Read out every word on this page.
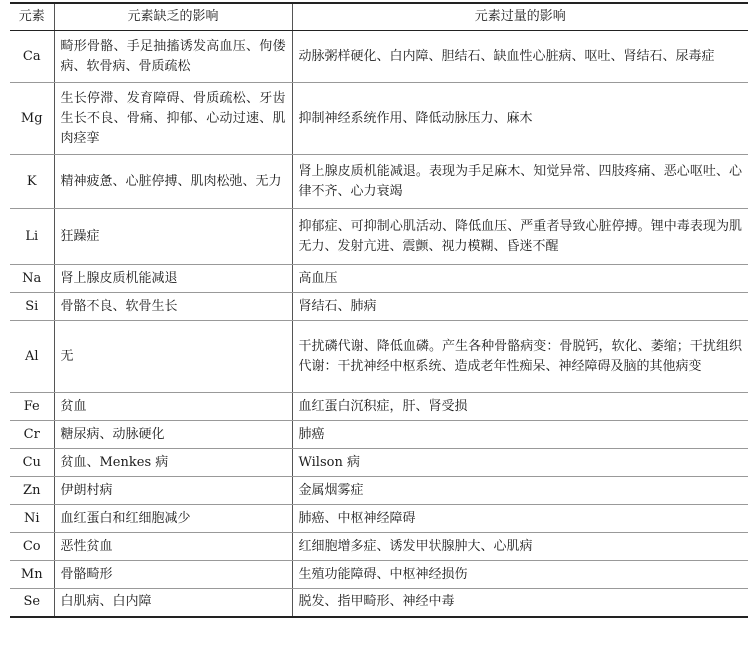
元素	元素缺乏的影响	元素过量的影响
Ca	畸形骨骼、手足抽搐诱发高血压、佝偻病、软骨病、骨质疏松	动脉粥样硬化、白内障、胆结石、缺血性心脏病、呕吐、肾结石、尿毒症
Mg	生长停滞、发育障碍、骨质疏松、牙齿生长不良、骨痛、抑郁、心动过速、肌肉痉挛	抑制神经系统作用、降低动脉压力、麻木
K	精神疲惫、心脏停搏、肌肉松弛、无力	肾上腺皮质机能减退。表现为手足麻木、知觉异常、四肢疼痛、恶心呕吐、心律不齐、心力衰竭
Li	狂躁症	抑郁症、可抑制心肌活动、降低血压、严重者导致心脏停搏。锂中毒表现为肌无力、发射亢进、震颤、视力模糊、昏迷不醒
Na	肾上腺皮质机能减退	高血压
Si	骨骼不良、软骨生长	肾结石、肺病
Al	无	干扰磷代谢、降低血磷。产生各种骨骼病变：骨脱钙，软化、萎缩；干扰组织代谢：干扰神经中枢系统、造成老年性痴呆、神经障碍及脑的其他病变
Fe	贫血	血红蛋白沉积症，肝、肾受损
Cr	糖尿病、动脉硬化	肺癌
Cu	贫血、Menkes 病	Wilson 病
Zn	伊朗村病	金属烟雾症
Ni	血红蛋白和红细胞减少	肺癌、中枢神经障碍
Co	恶性贫血	红细胞增多症、诱发甲状腺肿大、心肌病
Mn	骨骼畸形	生殖功能障碍、中枢神经损伤
Se	白肌病、白内障	脱发、指甲畸形、神经中毒
